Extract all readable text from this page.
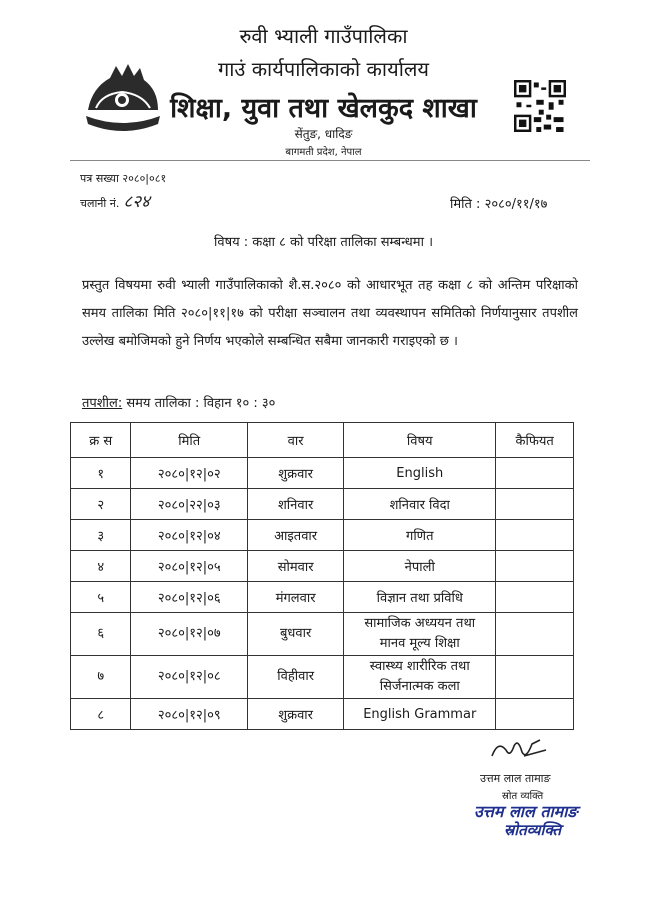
रुवी भ्याली गाउँपालिका
गाउं कार्यपालिकाको कार्यालय
शिक्षा, युवा तथा खेलकुद शाखा
सेंतुङ, धादिङ
बागमती प्रदेश, नेपाल
पत्र सख्या २०८०|०८१
चलानी नं. ८२४	मिति : २०८०/११/१७
विषय : कक्षा ८ को परिक्षा तालिका सम्बन्धमा ।
प्रस्तुत विषयमा रुवी भ्याली गाउँपालिकाको शै.स.२०८० को आधारभूत तह कक्षा ८ को अन्तिम परिक्षाको समय तालिका मिति २०८०|११|१७ को परीक्षा सञ्चालन तथा व्यवस्थापन समितिको निर्णयानुसार तपशील उल्लेख बमोजिमको हुने निर्णय भएकोले सम्बन्धित सबैमा जानकारी गराइएको छ ।
तपशील: समय तालिका : विहान १० : ३०
क्र स	मिति	वार	विषय	कैफियत
१	२०८०|१२|०२	शुक्रवार	English	
२	२०८०|२२|०३	शनिवार	शनिवार विदा	
३	२०८०|१२|०४	आइतवार	गणित	
४	२०८०|१२|०५	सोमवार	नेपाली	
५	२०८०|१२|०६	मंगलवार	विज्ञान तथा प्रविधि	
६	२०८०|१२|०७	बुधवार	सामाजिक अध्ययन तथा
मानव मूल्य शिक्षा	

७	२०८०|१२|०८	विहीवार	स्वास्थ्य शारीरिक तथा
सिर्जनात्मक कला	

८	२०८०|१२|०९	शुक्रवार	English Grammar	
उत्तम लाल तामाङ
स्रोत व्यक्ति
उत्तम लाल तामाङ
स्रोतव्यक्ति
